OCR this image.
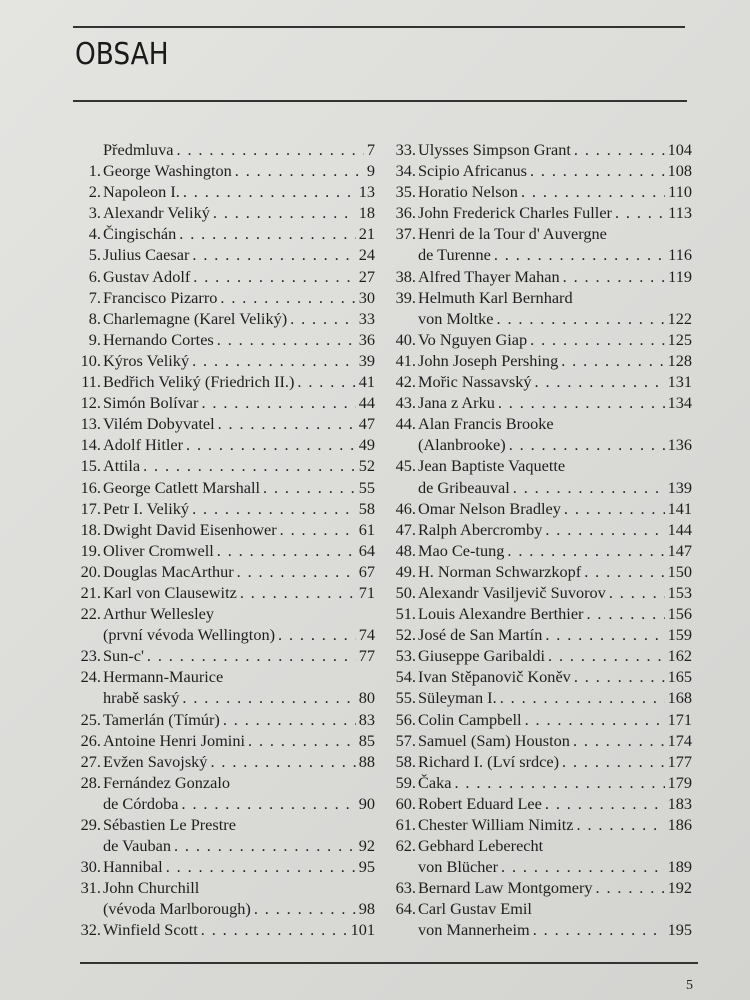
OBSAH
Předmluva . . .	7
1. George Washington . . .	9
2. Napoleon I. . . .	13
3. Alexandr Veliký . . .	18
4. Čingischán . . .	21
5. Julius Caesar . . .	24
6. Gustav Adolf . . .	27
7. Francisco Pizarro . . .	30
8. Charlemagne (Karel Veliký) . . .	33
9. Hernando Cortes . . .	36
10. Kýros Veliký . . .	39
11. Bedřich Veliký (Friedrich II.) . . .	41
12. Simón Bolívar . . .	44
13. Vilém Dobyvatel . . .	47
14. Adolf Hitler . . .	49
15. Attila . . .	52
16. George Catlett Marshall . . .	55
17. Petr I. Veliký . . .	58
18. Dwight David Eisenhower . . .	61
19. Oliver Cromwell . . .	64
20. Douglas MacArthur . . .	67
21. Karl von Clausewitz . . .	71
22. Arthur Wellesley
(první vévoda Wellington) . . .	74
23. Sun-c' . . .	77
24. Hermann-Maurice
hrabě saský . . .	80
25. Tamerlán (Tímúr) . . .	83
26. Antoine Henri Jomini . . .	85
27. Evžen Savojský . . .	88
28. Fernández Gonzalo
de Córdoba . . .	90
29. Sébastien Le Prestre
de Vauban . . .	92
30. Hannibal . . .	95
31. John Churchill
(vévoda Marlborough) . . .	98
32. Winfield Scott . . .	101
33. Ulysses Simpson Grant . . .	104
34. Scipio Africanus . . .	108
35. Horatio Nelson . . .	110
36. John Frederick Charles Fuller . . .	113
37. Henri de la Tour d' Auvergne
de Turenne . . .	116
38. Alfred Thayer Mahan . . .	119
39. Helmuth Karl Bernhard
von Moltke . . .	122
40. Vo Nguyen Giap . . .	125
41. John Joseph Pershing . . .	128
42. Mořic Nassavský . . .	131
43. Jana z Arku . . .	134
44. Alan Francis Brooke
(Alanbrooke) . . .	136
45. Jean Baptiste Vaquette
de Gribeauval . . .	139
46. Omar Nelson Bradley . . .	141
47. Ralph Abercromby . . .	144
48. Mao Ce-tung . . .	147
49. H. Norman Schwarzkopf . . .	150
50. Alexandr Vasiljevič Suvorov . . .	153
51. Louis Alexandre Berthier . . .	156
52. José de San Martín . . .	159
53. Giuseppe Garibaldi . . .	162
54. Ivan Stěpanovič Koněv . . .	165
55. Süleyman I. . . .	168
56. Colin Campbell . . .	171
57. Samuel (Sam) Houston . . .	174
58. Richard I. (Lví srdce) . . .	177
59. Čaka . . .	179
60. Robert Eduard Lee . . .	183
61. Chester William Nimitz . . .	186
62. Gebhard Leberecht
von Blücher . . .	189
63. Bernard Law Montgomery . . .	192
64. Carl Gustav Emil
von Mannerheim . . .	195
5
